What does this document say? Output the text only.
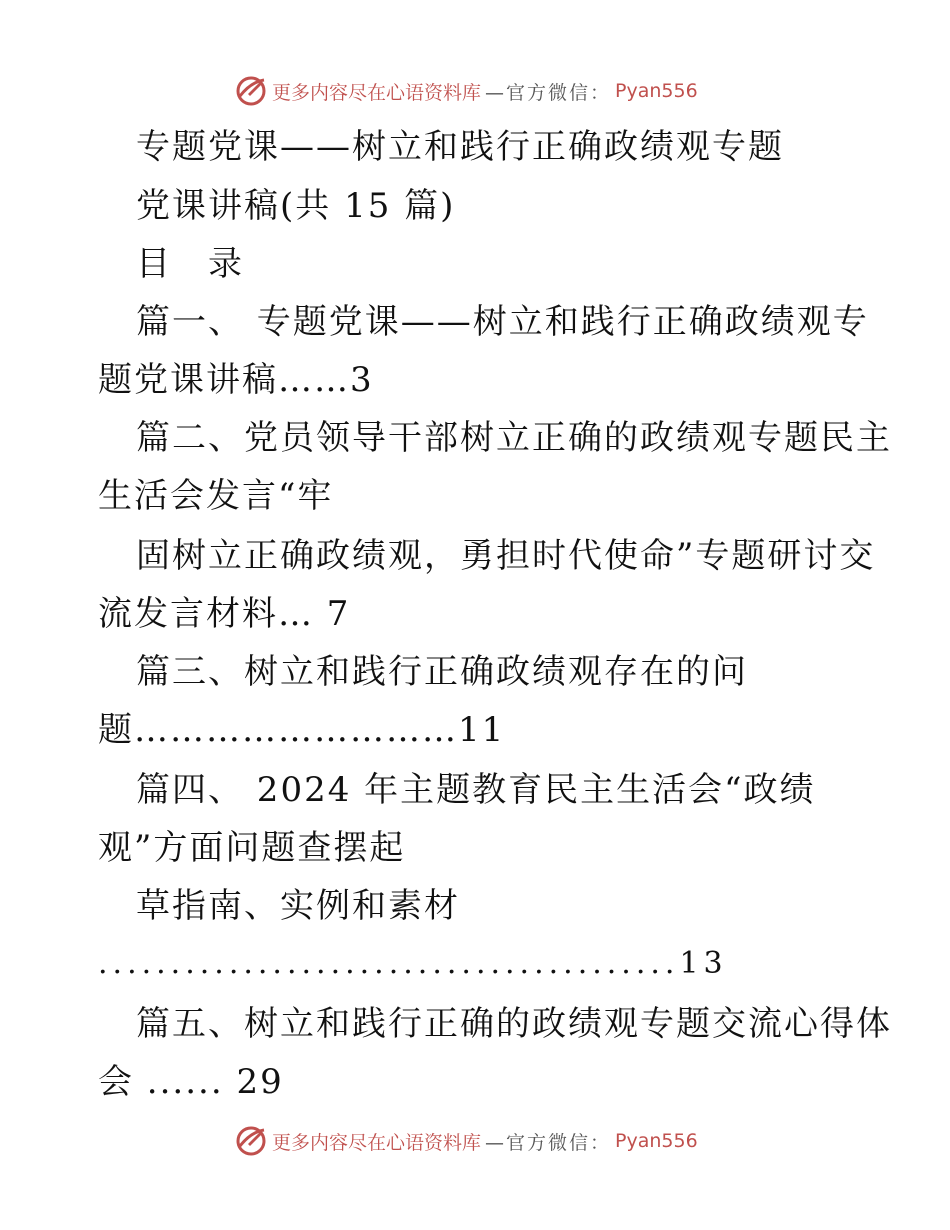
更多内容尽在心语资料库 —官方微信： Pyan556
专题党课——树立和践行正确政绩观专题
党课讲稿(共 15 篇)
目　录
篇一、 专题党课——树立和践行正确政绩观专
题党课讲稿……3
篇二、党员领导干部树立正确的政绩观专题民主
生活会发言“牢
固树立正确政绩观，勇担时代使命”专题研讨交
流发言材料… 7
篇三、树立和践行正确政绩观存在的问
题………………………11
篇四、 2024 年主题教育民主生活会“政绩
观”方面问题查摆起
草指南、实例和素材
........................................13
篇五、树立和践行正确的政绩观专题交流心得体
会 ...... 29
更多内容尽在心语资料库 —官方微信： Pyan556
